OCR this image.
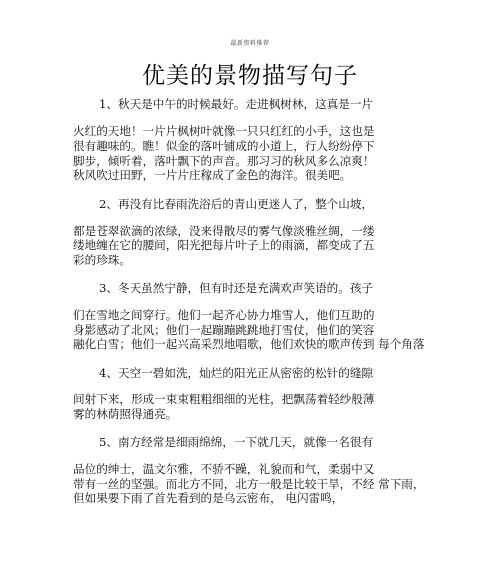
最新资料推荐
优美的景物描写句子
1、秋天是中午的时候最好。走进枫树林，这真是一片
火红的天地！一片片枫树叶就像一只只红红的小手，这也是
很有趣味的。瞧！似金的落叶铺成的小道上，行人纷纷停下
脚步，倾听着，落叶飘下的声音。那习习的秋风多么凉爽！
秋风吹过田野，一片片庄稼成了金色的海洋。很美吧。
2、再没有比春雨洗浴后的青山更迷人了，整个山坡，
都是苍翠欲滴的浓绿，没来得散尽的雾气像淡雅丝绸，一缕
缕地缠在它的腰间，阳光把每片叶子上的雨滴，都变成了五
彩的珍珠。
3、冬天虽然宁静，但有时还是充满欢声笑语的。孩子
们在雪地之间穿行。他们一起齐心协力堆雪人，他们互助的
身影感动了北风；他们一起蹦蹦跳跳地打雪仗，他们的笑容
融化白雪；他们一起兴高采烈地唱歌，他们欢快的歌声传到 每个角落
4、天空一碧如洗，灿烂的阳光正从密密的松针的缝隙
间射下来，形成一束束粗粗细细的光柱，把飘荡着轻纱般薄
雾的林荫照得通亮。
5、南方经常是细雨绵绵，一下就几天，就像一名很有
品位的绅士，温文尔雅，不骄不躁，礼貌而和气，柔弱中又
带有一丝的坚强。而北方不同，北方一般是比较干旱，不经 常下雨，
但如果要下雨了首先看到的是乌云密布， 电闪雷鸣，
